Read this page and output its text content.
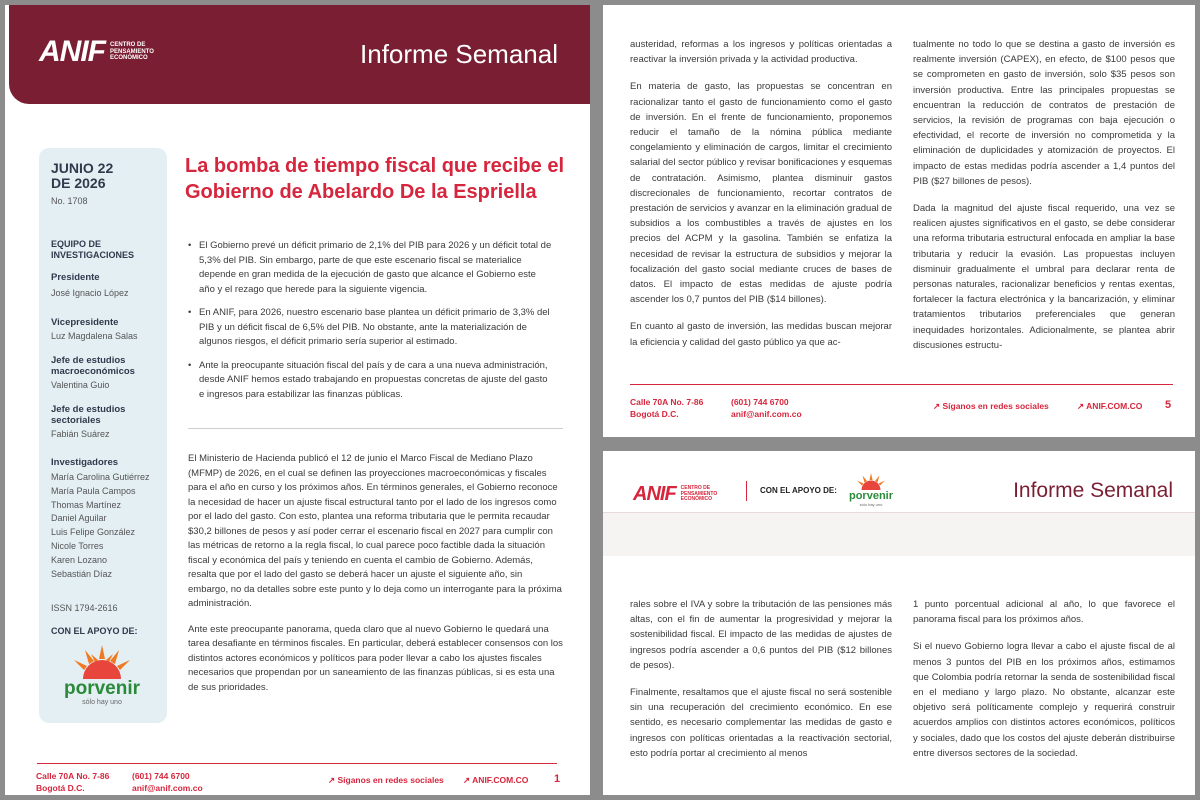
ANIF CENTRO DE
PENSAMIENTO
ECONÓMICO	Informe Semanal
JUNIO 22
DE 2026
No. 1708
EQUIPO DE INVESTIGACIONES
Presidente
José Ignacio López
Vicepresidente
Luz Magdalena Salas
Jefe de estudios macroeconómicos
Valentina Guio
Jefe de estudios sectoriales
Fabián Suárez
Investigadores
María Carolina Gutiérrez
María Paula Campos
Thomas Martínez
Daniel Aguilar
Luis Felipe González
Nicole Torres
Karen Lozano
Sebastián Díaz
ISSN 1794-2616
CON EL APOYO DE:
porvenir
sólo hay uno
La bomba de tiempo fiscal que recibe el Gobierno de Abelardo De la Espriella
• El Gobierno prevé un déficit primario de 2,1% del PIB para 2026 y un déficit total de 5,3% del PIB. Sin embargo, parte de que este escenario fiscal se materialice depende en gran medida de la ejecución de gasto que alcance el Gobierno este año y el rezago que herede para la siguiente vigencia.
• En ANIF, para 2026, nuestro escenario base plantea un déficit primario de 3,3% del PIB y un déficit fiscal de 6,5% del PIB. No obstante, ante la materialización de algunos riesgos, el déficit primario sería superior al estimado.
• Ante la preocupante situación fiscal del país y de cara a una nueva administración, desde ANIF hemos estado trabajando en propuestas concretas de ajuste del gasto e ingresos para estabilizar las finanzas públicas.

El Ministerio de Hacienda publicó el 12 de junio el Marco Fiscal de Mediano Plazo (MFMP) de 2026, en el cual se definen las proyecciones macroeconómicas y fiscales para el año en curso y los próximos años. En términos generales, el Gobierno reconoce la necesidad de hacer un ajuste fiscal estructural tanto por el lado de los ingresos como por el lado del gasto. Con esto, plantea una reforma tributaria que le permita recaudar $30,2 billones de pesos y así poder cerrar el escenario fiscal en 2027 para cumplir con las métricas de retorno a la regla fiscal, lo cual parece poco factible dada la situación fiscal y económica del país y teniendo en cuenta el cambio de Gobierno. Además, resalta que por el lado del gasto se deberá hacer un ajuste el siguiente año, sin embargo, no da detalles sobre este punto y lo deja como un interrogante para la próxima administración.

Ante este preocupante panorama, queda claro que al nuevo Gobierno le quedará una tarea desafiante en términos fiscales. En particular, deberá establecer consensos con los distintos actores económicos y políticos para poder llevar a cabo los ajustes fiscales necesarios que propendan por un saneamiento de las finanzas públicas, si es esta una de sus prioridades.

Calle 70A No. 7-86
Bogotá D.C.
(601) 744 6700
anif@anif.com.co
↗ Síganos en redes sociales ↗ ANIF.COM.CO 1

austeridad, reformas a los ingresos y políticas orientadas a reactivar la inversión privada y la actividad productiva.

En materia de gasto, las propuestas se concentran en racionalizar tanto el gasto de funcionamiento como el gasto de inversión. En el frente de funcionamiento, proponemos reducir el tamaño de la nómina pública mediante congelamiento y eliminación de cargos, limitar el crecimiento salarial del sector público y revisar bonificaciones y esquemas de contratación. Asimismo, plantea disminuir gastos discrecionales de funcionamiento, recortar contratos de prestación de servicios y avanzar en la eliminación gradual de subsidios a los combustibles a través de ajustes en los precios del ACPM y la gasolina. También se enfatiza la necesidad de revisar la estructura de subsidios y mejorar la focalización del gasto social mediante cruces de bases de datos. El impacto de estas medidas de ajuste podría ascender los 0,7 puntos del PIB ($14 billones).

En cuanto al gasto de inversión, las medidas buscan mejorar la eficiencia y calidad del gasto público ya que ac-

tualmente no todo lo que se destina a gasto de inversión es realmente inversión (CAPEX), en efecto, de $100 pesos que se comprometen en gasto de inversión, solo $35 pesos son inversión productiva. Entre las principales propuestas se encuentran la reducción de contratos de prestación de servicios, la revisión de programas con baja ejecución o efectividad, el recorte de inversión no comprometida y la eliminación de duplicidades y atomización de proyectos. El impacto de estas medidas podría ascender a 1,4 puntos del PIB ($27 billones de pesos).

Dada la magnitud del ajuste fiscal requerido, una vez se realicen ajustes significativos en el gasto, se debe considerar una reforma tributaria estructural enfocada en ampliar la base tributaria y reducir la evasión. Las propuestas incluyen disminuir gradualmente el umbral para declarar renta de personas naturales, racionalizar beneficios y rentas exentas, fortalecer la factura electrónica y la bancarización, y eliminar tratamientos tributarios preferenciales que generan inequidades horizontales. Adicionalmente, se plantea abrir discusiones estructu-

Calle 70A No. 7-86
Bogotá D.C.
(601) 744 6700
anif@anif.com.co
↗ Síganos en redes sociales	↗ ANIF.COM.CO 5
ANIF CENTRO DE
PENSAMIENTO
ECONÓMICO
CON EL APOYO DE: porvenir
sólo hay uno
Informe Semanal

rales sobre el IVA y sobre la tributación de las pensiones más altas, con el fin de aumentar la progresividad y mejorar la sostenibilidad fiscal. El impacto de las medidas de ajustes de ingresos podría ascender a 0,6 puntos del PIB ($12 billones de pesos).

Finalmente, resaltamos que el ajuste fiscal no será sostenible sin una recuperación del crecimiento económico. En ese sentido, es necesario complementar las medidas de gasto e ingresos con políticas orientadas a la reactivación sectorial, esto podría portar al crecimiento al menos

1 punto porcentual adicional al año, lo que favorece el panorama fiscal para los próximos años.

Si el nuevo Gobierno logra llevar a cabo el ajuste fiscal de al menos 3 puntos del PIB en los próximos años, estimamos que Colombia podría retornar la senda de sostenibilidad fiscal en el mediano y largo plazo. No obstante, alcanzar este objetivo será políticamente complejo y requerirá construir acuerdos amplios con distintos actores económicos, políticos y sociales, dado que los costos del ajuste deberán distribuirse entre diversos sectores de la sociedad.
